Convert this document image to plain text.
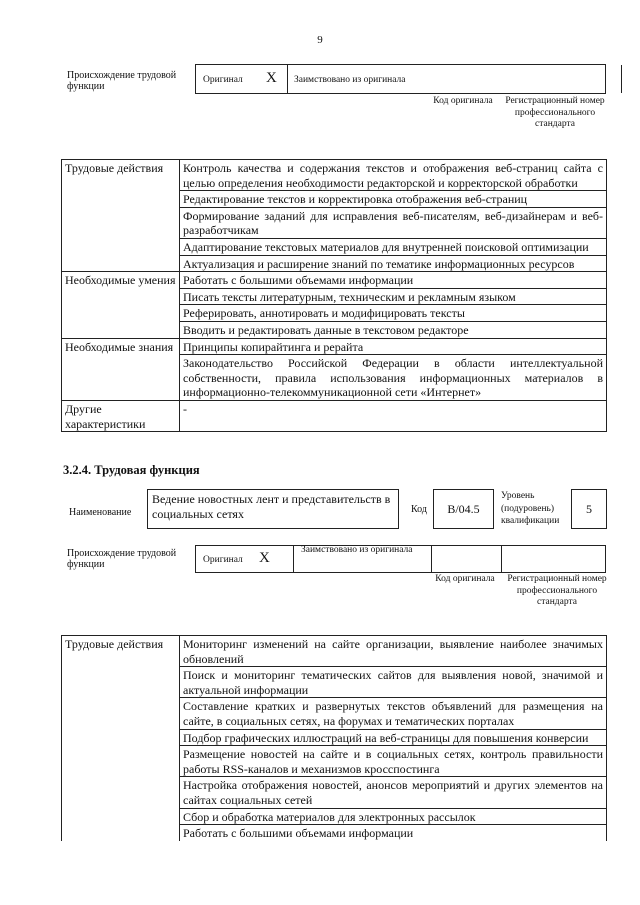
9
Происхождение трудовой функции
Оригинал X Заимствовано из оригинала
Код оригинала	Регистрационный номер профессионального стандарта
Трудовые действия	Контроль качества и содержания текстов и отображения веб-страниц сайта с целью определения необходимости редакторской и корректорской обработки
	Редактирование текстов и корректировка отображения веб-страниц
	Формирование заданий для исправления веб-писателям, веб-дизайнерам и веб-разработчикам
	Адаптирование текстовых материалов для внутренней поисковой оптимизации
	Актуализация и расширение знаний по тематике информационных ресурсов
Необходимые умения	Работать с большими объемами информации
	Писать тексты литературным, техническим и рекламным языком
	Реферировать, аннотировать и модифицировать тексты
	Вводить и редактировать данные в текстовом редакторе
Необходимые знания	Принципы копирайтинга и рерайта
	Законодательство Российской Федерации в области интеллектуальной собственности, правила использования информационных материалов в информационно-телекоммуникационной сети «Интернет»
Другие характеристики	-
3.2.4. Трудовая функция
Наименование
Ведение новостных лент и представительств в социальных сетях	Код	B/04.5
Уровень (подуровень) квалификации
5
Происхождение трудовой функции	Оригинал X	Заимствовано из оригинала
Код оригинала	Регистрационный номер профессионального стандарта
Трудовые действия	Мониторинг изменений на сайте организации, выявление наиболее значимых обновлений
Поиск и мониторинг тематических сайтов для выявления новой, значимой и актуальной информации
Составление кратких и развернутых текстов объявлений для размещения на сайте, в социальных сетях, на форумах и тематических порталах
Подбор графических иллюстраций на веб-страницы для повышения конверсии
Размещение новостей на сайте и в социальных сетях, контроль правильности работы RSS-каналов и механизмов кросспостинга
Настройка отображения новостей, анонсов мероприятий и других элементов на сайтах социальных сетей
Сбор и обработка материалов для электронных рассылок
Работать с большими объемами информации
